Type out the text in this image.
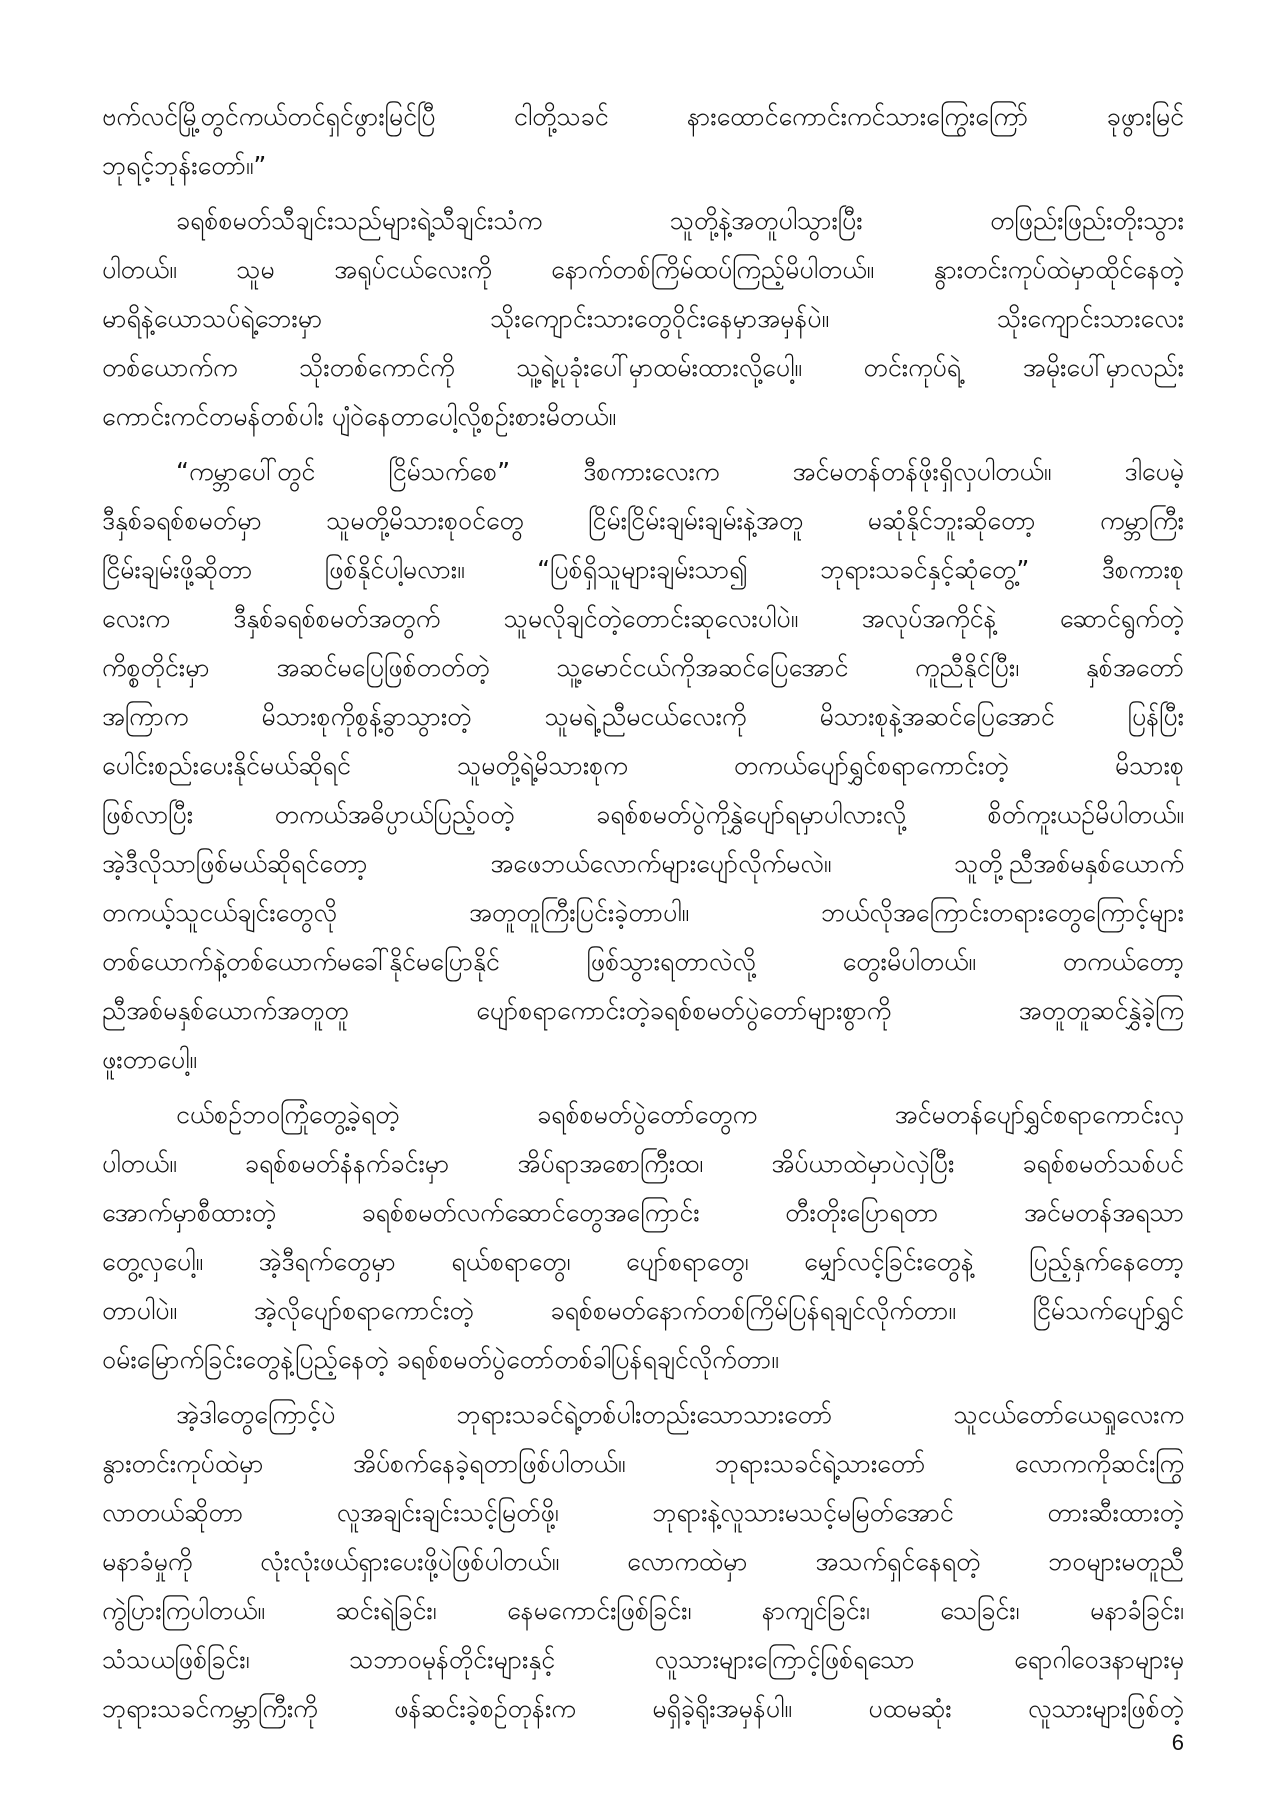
ဗက်လင်မြို့တွင်ကယ်တင်ရှင်ဖွားမြင်ပြီ ငါတို့သခင် နားထောင်ကောင်းကင်သားကြွေးကြော် ခုဖွားမြင်
ဘုရင့်ဘုန်းတော်။”
ခရစ်စမတ်သီချင်းသည်များရဲ့သီချင်းသံက သူတို့နဲ့အတူပါသွားပြီး တဖြည်းဖြည်းတိုးသွား
ပါတယ်။ သူမ အရုပ်ငယ်လေးကို နောက်တစ်ကြိမ်ထပ်ကြည့်မိပါတယ်။ နွားတင်းကုပ်ထဲမှာထိုင်နေတဲ့
မာရိနဲ့ယောသပ်ရဲ့ဘေးမှာ သိုးကျောင်းသားတွေဝိုင်းနေမှာအမှန်ပဲ။ သိုးကျောင်းသားလေး
တစ်ယောက်က သိုးတစ်ကောင်ကို သူ့ရဲ့ပုခုံးပေါ်မှာထမ်းထားလို့ပေါ့။ တင်းကုပ်ရဲ့ အမိုးပေါ်မှာလည်း
ကောင်းကင်တမန်တစ်ပါး ပျံဝဲနေတာပေါ့လို့စဉ်းစားမိတယ်။
“ကမ္ဘာပေါ်တွင် ငြိမ်သက်စေ” ဒီစကားလေးက အင်မတန်တန်ဖိုးရှိလှပါတယ်။ ဒါပေမဲ့
ဒီနှစ်ခရစ်စမတ်မှာ သူမတို့မိသားစုဝင်တွေ ငြိမ်းငြိမ်းချမ်းချမ်းနဲ့အတူ မဆုံနိုင်ဘူးဆိုတော့ ကမ္ဘာကြီး
ငြိမ်းချမ်းဖို့ဆိုတာ ဖြစ်နိုင်ပါ့မလား။ “ပြစ်ရှိသူများချမ်းသာ၍ ဘုရားသခင်နှင့်ဆုံတွေ့” ဒီစကားစု
လေးက ဒီနှစ်ခရစ်စမတ်အတွက် သူမလိုချင်တဲ့တောင်းဆုလေးပါပဲ။ အလုပ်အကိုင်နဲ့ ဆောင်ရွက်တဲ့
ကိစ္စတိုင်းမှာ အဆင်မပြေဖြစ်တတ်တဲ့ သူ့မောင်ငယ်ကိုအဆင်ပြေအောင် ကူညီနိုင်ပြီး၊ နှစ်အတော်
အကြာက မိသားစုကိုစွန့်ခွာသွားတဲ့ သူမရဲ့ညီမငယ်လေးကို မိသားစုနဲ့အဆင်ပြေအောင် ပြန်ပြီး
ပေါင်းစည်းပေးနိုင်မယ်ဆိုရင် သူမတို့ရဲ့မိသားစုက တကယ်ပျော်ရွှင်စရာကောင်းတဲ့ မိသားစု
ဖြစ်လာပြီး တကယ်အဓိပ္ပာယ်ပြည့်ဝတဲ့ ခရစ်စမတ်ပွဲကိုနွှဲပျော်ရမှာပါလားလို့ စိတ်ကူးယဉ်မိပါတယ်။
အဲ့ဒီလိုသာဖြစ်မယ်ဆိုရင်တော့ အဖေဘယ်လောက်များပျော်လိုက်မလဲ။ သူတို့ညီအစ်မနှစ်ယောက်
တကယ့်သူငယ်ချင်းတွေလို အတူတူကြီးပြင်းခဲ့တာပါ။ ဘယ်လိုအကြောင်းတရားတွေကြောင့်များ
တစ်ယောက်နဲ့တစ်ယောက်မခေါ်နိုင်မပြောနိုင် ဖြစ်သွားရတာလဲလို့ တွေးမိပါတယ်။ တကယ်တော့
ညီအစ်မနှစ်ယောက်အတူတူ ပျော်စရာကောင်းတဲ့ခရစ်စမတ်ပွဲတော်များစွာကို အတူတူဆင်နွှဲခဲ့ကြ
ဖူးတာပေါ့။
ငယ်စဉ်ဘဝကြုံတွေ့ခဲ့ရတဲ့ ခရစ်စမတ်ပွဲတော်တွေက အင်မတန်ပျော်ရွှင်စရာကောင်းလှ
ပါတယ်။ ခရစ်စမတ်နံနက်ခင်းမှာ အိပ်ရာအစောကြီးထ၊ အိပ်ယာထဲမှာပဲလှဲပြီး ခရစ်စမတ်သစ်ပင်
အောက်မှာစီထားတဲ့ ခရစ်စမတ်လက်ဆောင်တွေအကြောင်း တီးတိုးပြောရတာ အင်မတန်အရသာ
တွေ့လှပေါ့။ အဲ့ဒီရက်တွေမှာ ရယ်စရာတွေ၊ ပျော်စရာတွေ၊ မျှော်လင့်ခြင်းတွေနဲ့ ပြည့်နှက်နေတော့
တာပါပဲ။ အဲ့လိုပျော်စရာကောင်းတဲ့ ခရစ်စမတ်နောက်တစ်ကြိမ်ပြန်ရချင်လိုက်တာ။ ငြိမ်သက်ပျော်ရွှင်
ဝမ်းမြောက်ခြင်းတွေနဲ့ပြည့်နေတဲ့ ခရစ်စမတ်ပွဲတော်တစ်ခါပြန်ရချင်လိုက်တာ။
အဲ့ဒါတွေကြောင့်ပဲ ဘုရားသခင်ရဲ့တစ်ပါးတည်းသောသားတော် သူငယ်တော်ယေရှုလေးက
နွားတင်းကုပ်ထဲမှာ အိပ်စက်နေခဲ့ရတာဖြစ်ပါတယ်။ ဘုရားသခင်ရဲ့သားတော် လောကကိုဆင်းကြွ
လာတယ်ဆိုတာ လူအချင်းချင်းသင့်မြတ်ဖို့၊ ဘုရားနဲ့လူသားမသင့်မမြတ်အောင် တားဆီးထားတဲ့
မနာခံမှုကို လုံးလုံးဖယ်ရှားပေးဖို့ပဲဖြစ်ပါတယ်။ လောကထဲမှာ အသက်ရှင်နေရတဲ့ ဘဝများမတူညီ
ကွဲပြားကြပါတယ်။ ဆင်းရဲခြင်း၊ နေမကောင်းဖြစ်ခြင်း၊ နာကျင်ခြင်း၊ သေခြင်း၊ မနာခံခြင်း၊
သံသယဖြစ်ခြင်း၊ သဘာဝမုန်တိုင်းများနှင့် လူသားများကြောင့်ဖြစ်ရသော ရောဂါဝေဒနာများမှ
ဘုရားသခင်ကမ္ဘာကြီးကို ဖန်ဆင်းခဲ့စဉ်တုန်းက မရှိခဲ့ရိုးအမှန်ပါ။ ပထမဆုံး လူသားများဖြစ်တဲ့
6
